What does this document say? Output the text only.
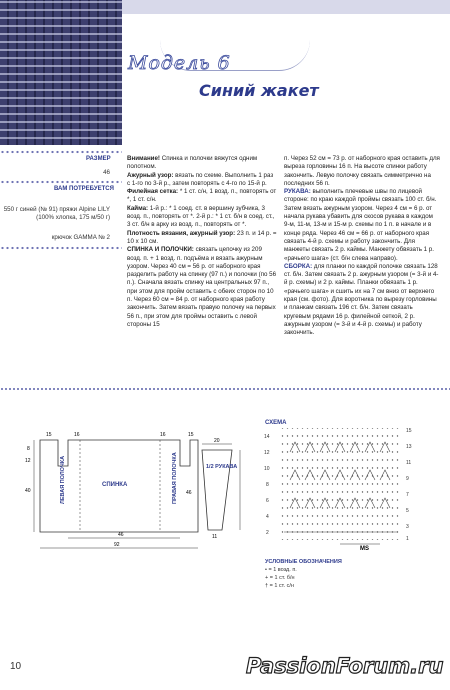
Модель 6
Синий жакет
РАЗМЕР
46
ВАМ ПОТРЕБУЕТСЯ
550 г синей (№ 91) пряжи Alpine LILY (100% хлопка, 175 м/50 г)
крючок GAMMA № 2

Внимание! Спинка и полочки вяжутся одним полотном.

Ажурный узор: вязать по схеме. Выполнить 1 раз с 1-го по 3-й р., затем повторять с 4-го по 15-й р.

Филейная сетка: * 1 ст. с/н, 1 возд. п., повторять от *, 1 ст. с/н.

Кайма: 1-й р.: * 1 соед. ст. в вершину зубчика, 3 возд. п., повторять от *. 2-й р.: * 1 ст. б/н в соед. ст., 3 ст. б/н в арку из возд. п., повторять от *.

Плотность вязания, ажурный узор: 23 п. и 14 р. = 10 х 10 см.

СПИНКА И ПОЛОЧКИ: связать цепочку из 209 возд. п. + 1 возд. п. подъёма и вязать ажурным узором. Через 40 см = 56 р. от наборного края разделить работу на спинку (97 п.) и полочки (по 56 п.). Сначала вязать спинку на центральных 97 п., при этом для пройм оставить с обеих сторон по 10 п. Через 60 см = 84 р. от наборного края работу закончить. Затем вязать правую полочку на первых 56 п., при этом для проймы оставить с левой стороны 15

п. Через 52 см = 73 р. от наборного края оставить для выреза горловины 16 п. На высоте спинки работу закончить. Левую полочку связать симметрично на последних 56 п.

РУКАВА: выполнить плечевые швы по лицевой стороне: по краю каждой проймы связать 100 ст. б/н. Затем вязать ажурным узором. Через 4 см = 6 р. от начала рукава убавить для скосов рукава в каждом 9-м, 11-м, 13-м и 15-м р. схемы по 1 п. в начале и в конце ряда. Через 46 см = 66 р. от наборного края связать 4-й р. схемы и работу закончить. Для манжеты связать 2 р. каймы. Манжету обвязать 1 р. «рачьего шага» (ст. б/н слева направо).

СБОРКА: для планки по каждой полочке связать 128 ст. б/н. Затем связать 2 р. ажурным узором (= 3-й и 4-й р. схемы) и 2 р. каймы. Планки обвязать 1 р. «рачьего шага» и сшить их на 7 см вниз от верхнего края (см. фото). Для воротника по вырезу горловины и планкам связать 196 ст. б/н. Затем связать кругевым рядами 16 р. филейной сеткой, 2 р. ажурным узором (= 3-й и 4-й р. схемы) и работу закончить.

ЛЕВАЯ ПОЛОЧКА	СПИНКА	ПРАВАЯ ПОЛОЧКА
8
12
40
15	16	16	15
46
92
20
1/2 РУКАВА
46
11
СХЕМА
14
12
10
8
6
4
2
15
13
11
9
7
5
3
1
MS
УСЛОВНЫЕ ОБОЗНАЧЕНИЯ
• = 1 возд. п.
+ = 1 ст. б/н
† = 1 ст. с/н
10	PassionForum.ru
